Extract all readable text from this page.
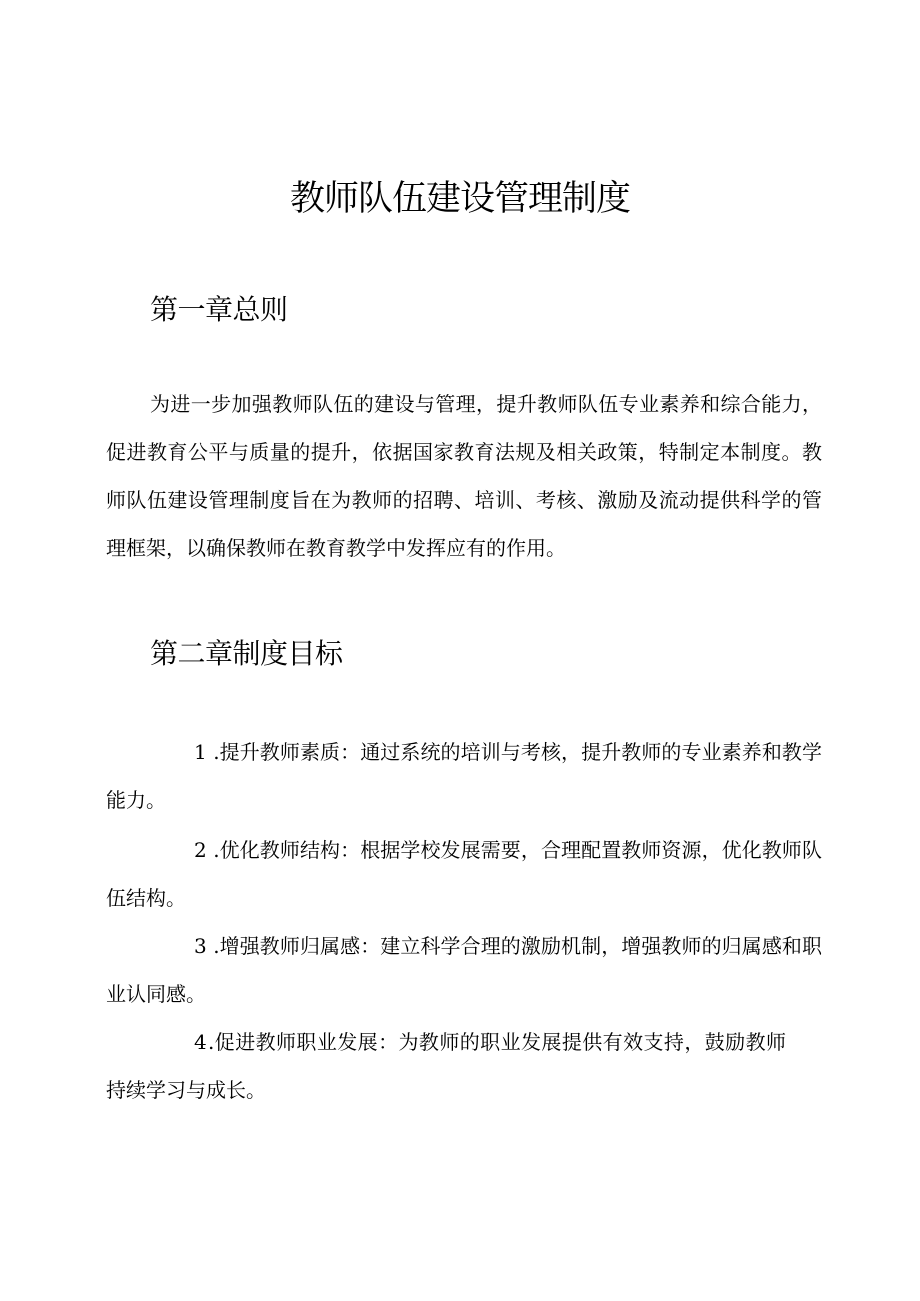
教师队伍建设管理制度
第一章总则

为进一步加强教师队伍的建设与管理，提升教师队伍专业素养和综合能力，促进教育公平与质量的提升，依据国家教育法规及相关政策，特制定本制度。教师队伍建设管理制度旨在为教师的招聘、培训、考核、激励及流动提供科学的管理框架，以确保教师在教育教学中发挥应有的作用。

第二章制度目标

1 .提升教师素质：通过系统的培训与考核，提升教师的专业素养和教学能力。

2 .优化教师结构：根据学校发展需要，合理配置教师资源，优化教师队伍结构。

3 .增强教师归属感：建立科学合理的激励机制，增强教师的归属感和职业认同感。

4.促进教师职业发展：为教师的职业发展提供有效支持，鼓励教师持续学习与成长。
